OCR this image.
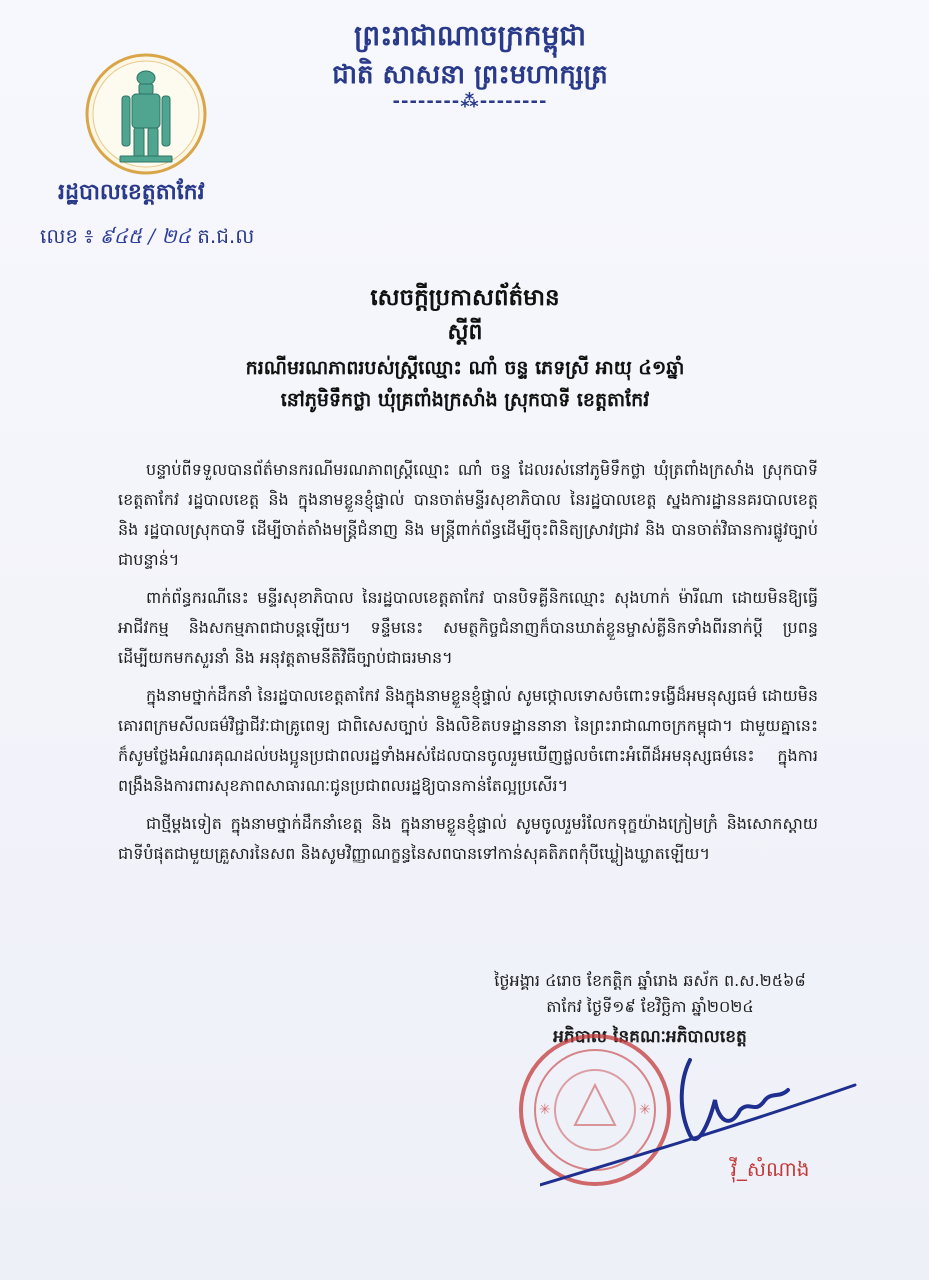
ព្រះរាជាណាចក្រកម្ពុជា
ជាតិ សាសនា ព្រះមហាក្សត្រ
--------⁂--------
រដ្ឋបាលខេត្តតាកែវ
លេខ ៖ ៩៤៥ / ២៤ ត.ជ.ល
សេចក្ដីប្រកាសព័ត៌មាន
ស្ដីពី
ករណីមរណភាពរបស់ស្ត្រីឈ្មោះ ណាំ ចន្ទ ភេទស្រី អាយុ ៤១ឆ្នាំ
នៅភូមិទឹកថ្លា ឃុំគ្រពាំងក្រសាំង ស្រុកបាទី ខេត្តតាកែវ

បន្ទាប់ពីទទួលបានព័ត៌មានករណីមរណភាពស្ត្រីឈ្មោះ ណាំ ចន្ទ ដែលរស់នៅភូមិទឹកថ្លា ឃុំត្រពាំងក្រសាំង ស្រុកបាទី ខេត្តតាកែវ រដ្ឋបាលខេត្ត និង ក្នុងនាមខ្លួនខ្ញុំផ្ទាល់ បានចាត់មន្ទីរសុខាភិបាល នៃរដ្ឋបាលខេត្ត ស្នងការដ្ឋាននគរបាលខេត្ត និង រដ្ឋបាលស្រុកបាទី ដើម្បីចាត់តាំងមន្ត្រីជំនាញ និង មន្ត្រីពាក់ព័ន្ធដើម្បីចុះពិនិត្យស្រាវជ្រាវ និង បានចាត់វិធានការផ្លូវច្បាប់ជាបន្ទាន់។

ពាក់ព័ន្ធករណីនេះ មន្ទីរសុខាភិបាល នៃរដ្ឋបាលខេត្តតាកែវ បានបិទគ្លីនិកឈ្មោះ សុងហាក់ ម៉ារីណា ដោយមិនឱ្យធ្វើអាជីវកម្ម និងសកម្មភាពជាបន្តឡើយ។ ទន្ទឹមនេះ សមត្ថកិច្ចជំនាញក៏បានឃាត់ខ្លួនម្ចាស់គ្លីនិកទាំងពីរនាក់ប្ដី ប្រពន្ធ ដើម្បីយកមកសួរនាំ និង អនុវត្តតាមនីតិវិធីច្បាប់ជាធរមាន។

ក្នុងនាមថ្នាក់ដឹកនាំ នៃរដ្ឋបាលខេត្តតាកែវ និងក្នុងនាមខ្លួនខ្ញុំផ្ទាល់ សូមថ្កោលទោសចំពោះទង្វើដ៏អមនុស្សធម៌ ដោយមិនគោរពក្រមសីលធម៌វិជ្ជាជីវៈជាគ្រូពេទ្យ ជាពិសេសច្បាប់ និងលិខិតបទដ្ឋាននានា នៃព្រះរាជាណាចក្រកម្ពុជា។ ជាមួយគ្នានេះ ក៏សូមថ្លែងអំណរគុណដល់បងប្អូនប្រជាពលរដ្ឋទាំងអស់ដែលបានចូលរួមឃើញផ្លលចំពោះអំពើដ៏អមនុស្សធម៌នេះ ក្នុងការពង្រឹងនិងការពារសុខភាពសាធារណៈជូនប្រជាពលរដ្ឋឱ្យបានកាន់តែល្អប្រសើរ។

ជាថ្មីម្ដងទៀត ក្នុងនាមថ្នាក់ដឹកនាំខេត្ត និង ក្នុងនាមខ្លួនខ្ញុំផ្ទាល់ សូមចូលរួមរំលែកទុក្ខយ៉ាងក្រៀមក្រំ និងសោកស្ដាយជាទីបំផុតជាមួយគ្រួសារនៃសព និងសូមវិញ្ញាណក្ខន្ធនៃសពបានទៅកាន់សុគតិភពកុំបីឃ្លៀងឃ្លាតឡើយ។

ថ្ងៃអង្គារ ៤រោច ខែកត្តិក ឆ្នាំរោង ឆស័ក ព.ស.២៥៦៨
តាកែវ ថ្ងៃទី១៩ ខែវិច្ឆិកា ឆ្នាំ២០២៤
អភិបាល នៃគណៈអភិបាលខេត្ត
✳	✳
វ៉ី_សំណាង
